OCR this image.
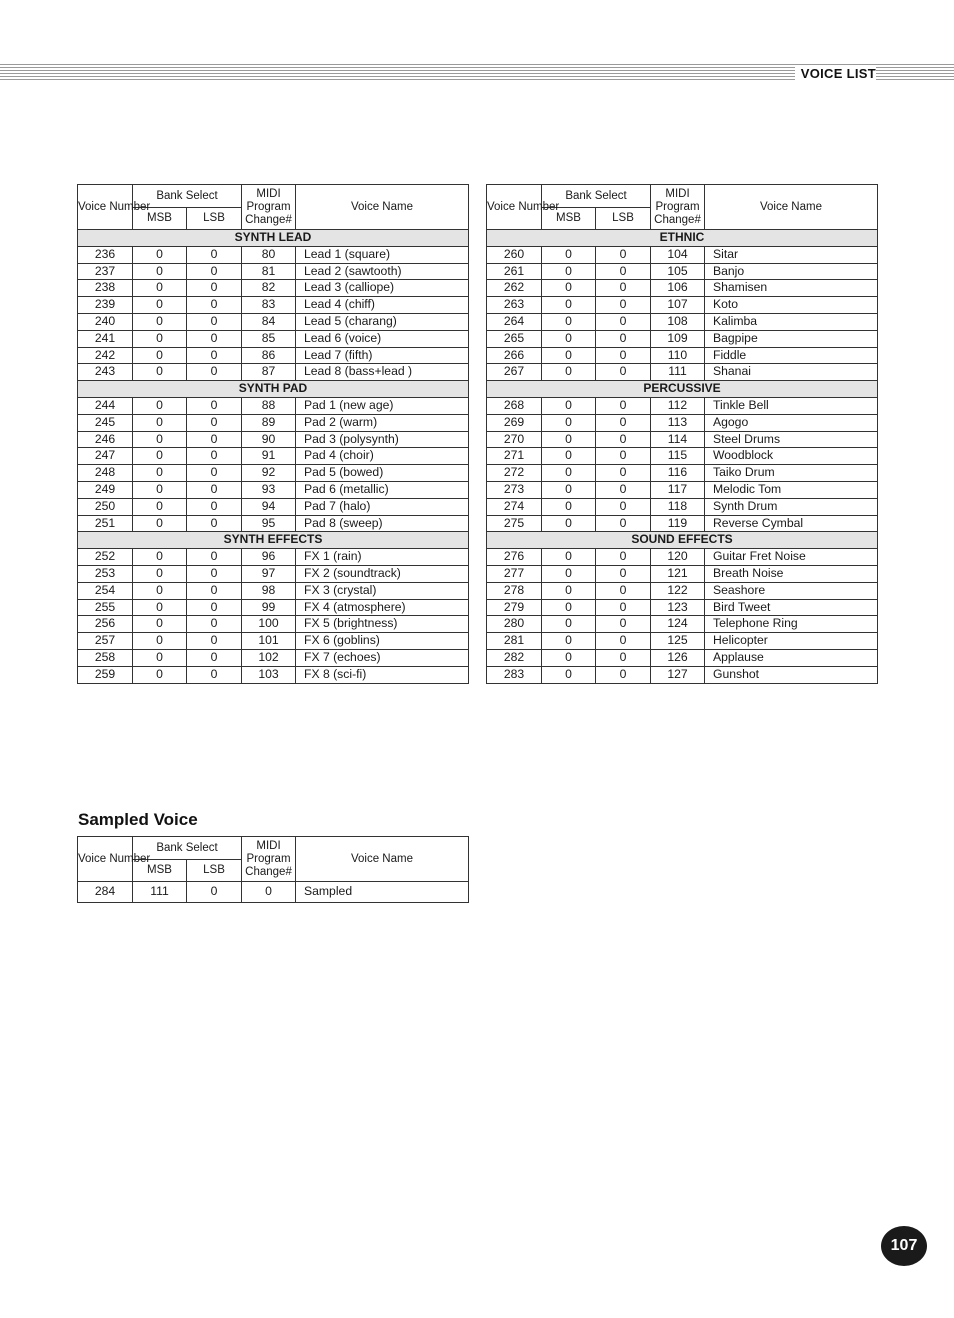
VOICE LIST
Voice Number	Bank Select		MIDI Program Change#	Voice Name
	MSB	LSB		
SYNTH LEAD				
236	0	0	80	Lead 1 (square)
237	0	0	81	Lead 2 (sawtooth)
238	0	0	82	Lead 3 (calliope)
239	0	0	83	Lead 4 (chiff)
240	0	0	84	Lead 5 (charang)
241	0	0	85	Lead 6 (voice)
242	0	0	86	Lead 7 (fifth)
243	0	0	87	Lead 8 (bass+lead )
SYNTH PAD				
244	0	0	88	Pad 1 (new age)
245	0	0	89	Pad 2 (warm)
246	0	0	90	Pad 3 (polysynth)
247	0	0	91	Pad 4 (choir)
248	0	0	92	Pad 5 (bowed)
249	0	0	93	Pad 6 (metallic)
250	0	0	94	Pad 7 (halo)
251	0	0	95	Pad 8 (sweep)
SYNTH EFFECTS				
252	0	0	96	FX 1 (rain)
253	0	0	97	FX 2 (soundtrack)
254	0	0	98	FX 3 (crystal)
255	0	0	99	FX 4 (atmosphere)
256	0	0	100	FX 5 (brightness)
257	0	0	101	FX 6 (goblins)
258	0	0	102	FX 7 (echoes)
259	0	0	103	FX 8 (sci-fi)
Voice Number	Bank Select		MIDI Program Change#	Voice Name
	MSB	LSB		
ETHNIC				
260	0	0	104	Sitar
261	0	0	105	Banjo
262	0	0	106	Shamisen
263	0	0	107	Koto
264	0	0	108	Kalimba
265	0	0	109	Bagpipe
266	0	0	110	Fiddle
267	0	0	111	Shanai
PERCUSSIVE				
268	0	0	112	Tinkle Bell
269	0	0	113	Agogo
270	0	0	114	Steel Drums
271	0	0	115	Woodblock
272	0	0	116	Taiko Drum
273	0	0	117	Melodic Tom
274	0	0	118	Synth Drum
275	0	0	119	Reverse Cymbal
SOUND EFFECTS				
276	0	0	120	Guitar Fret Noise
277	0	0	121	Breath Noise
278	0	0	122	Seashore
279	0	0	123	Bird Tweet
280	0	0	124	Telephone Ring
281	0	0	125	Helicopter
282	0	0	126	Applause
283	0	0	127	Gunshot
Sampled Voice
Voice Number	Bank Select		MIDI Program Change#	Voice Name
	MSB	LSB		
284	111	0	0	Sampled
107
